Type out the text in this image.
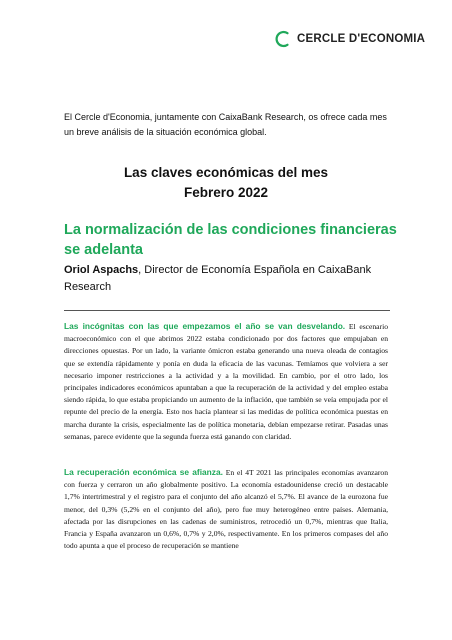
CERCLE D'ECONOMIA
El Cercle d'Economia, juntamente con CaixaBank Research, os ofrece cada mes un breve análisis de la situación económica global.
Las claves económicas del mes
Febrero 2022
La normalización de las condiciones financieras se adelanta
Oriol Aspachs, Director de Economía Española en CaixaBank Research
Las incógnitas con las que empezamos el año se van desvelando. El escenario macroeconómico con el que abrimos 2022 estaba condicionado por dos factores que empujaban en direcciones opuestas. Por un lado, la variante ómicron estaba generando una nueva oleada de contagios que se extendía rápidamente y ponía en duda la eficacia de las vacunas. Temíamos que volviera a ser necesario imponer restricciones a la actividad y a la movilidad. En cambio, por el otro lado, los principales indicadores económicos apuntaban a que la recuperación de la actividad y del empleo estaba siendo rápida, lo que estaba propiciando un aumento de la inflación, que también se veía empujada por el repunte del precio de la energía. Esto nos hacía plantear si las medidas de política económica puestas en marcha durante la crisis, especialmente las de política monetaria, debían empezarse retirar. Pasadas unas semanas, parece evidente que la segunda fuerza está ganando con claridad.
La recuperación económica se afianza. En el 4T 2021 las principales economías avanzaron con fuerza y cerraron un año globalmente positivo. La economía estadounidense creció un destacable 1,7% intertrimestral y el registro para el conjunto del año alcanzó el 5,7%. El avance de la eurozona fue menor, del 0,3% (5,2% en el conjunto del año), pero fue muy heterogéneo entre países. Alemania, afectada por las disrupciones en las cadenas de suministros, retrocedió un 0,7%, mientras que Italia, Francia y España avanzaron un 0,6%, 0,7% y 2,0%, respectivamente. En los primeros compases del año todo apunta a que el proceso de recuperación se mantiene
